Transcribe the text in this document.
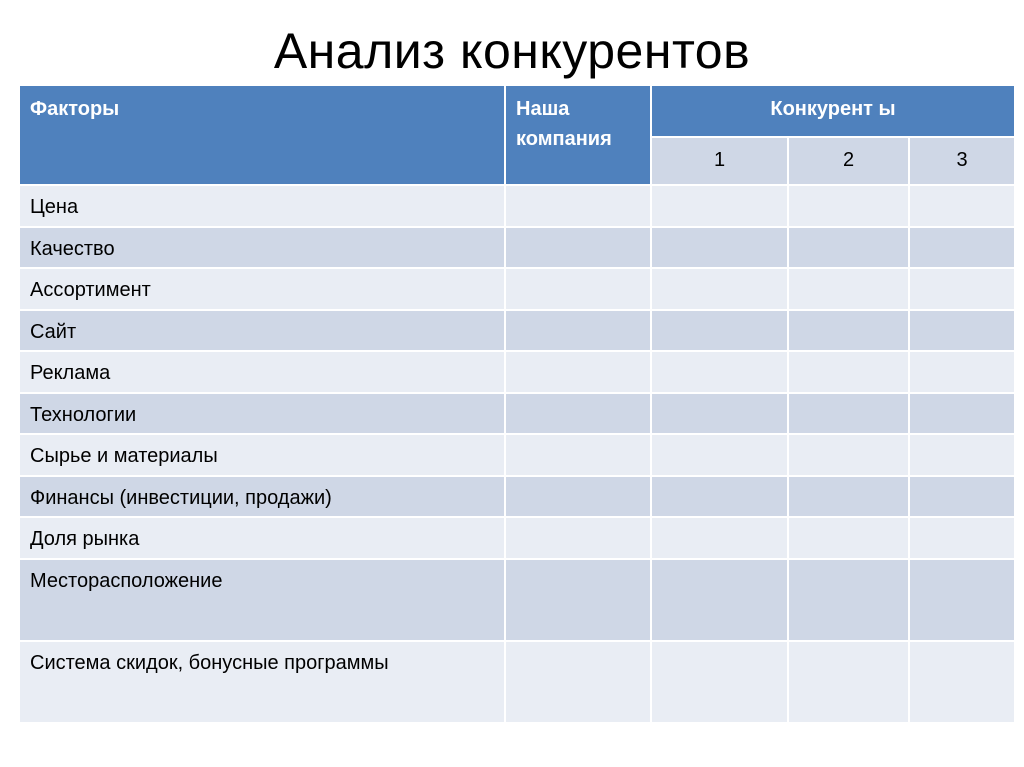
Анализ конкурентов
Факторы	Наша компания	Конкурент ы		
		1	2	3
Цена				
Качество				
Ассортимент				
Сайт				
Реклама				
Технологии				
Сырье и материалы				
Финансы (инвестиции, продажи)				
Доля рынка				
Месторасположение				
Система скидок, бонусные программы				
